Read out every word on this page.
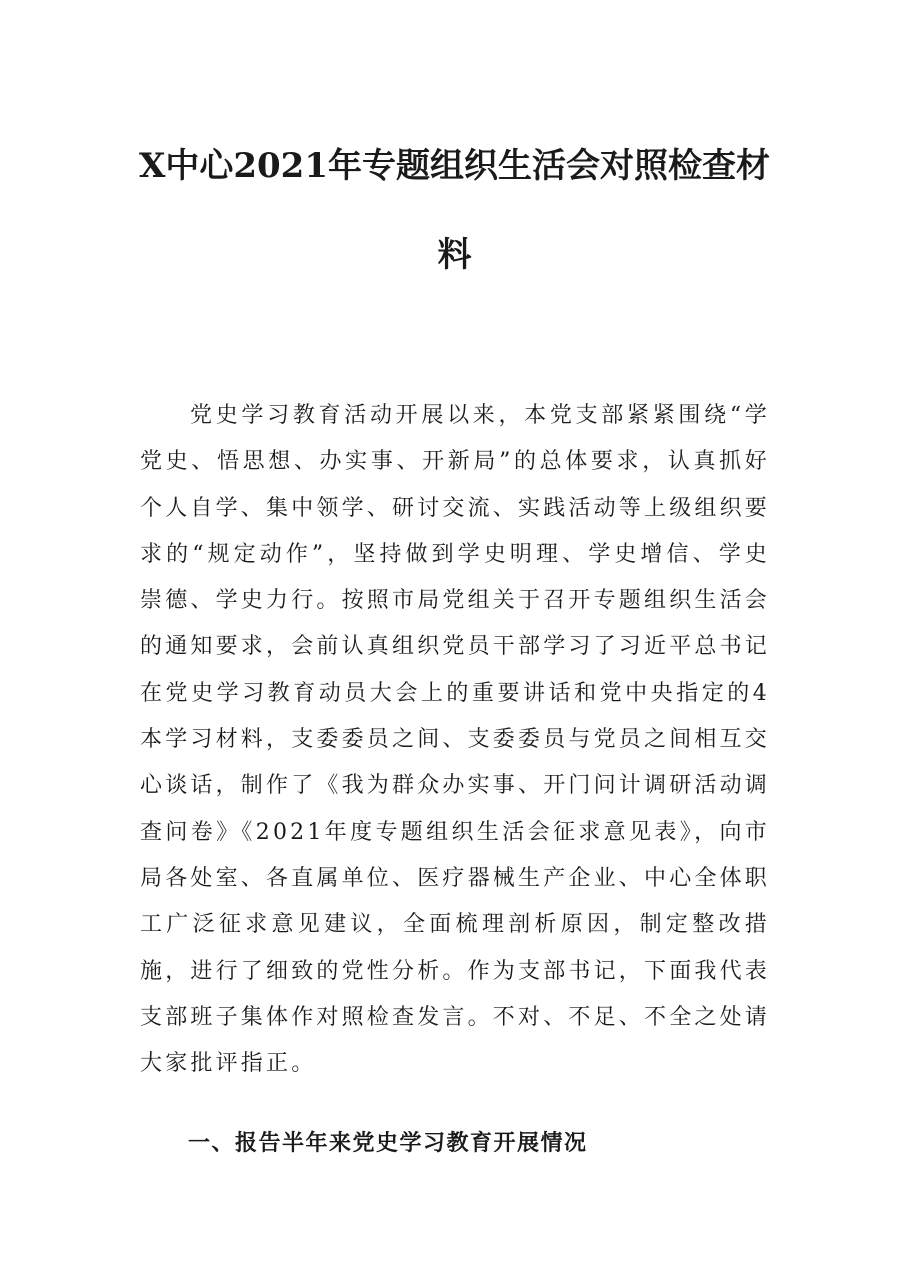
X中心2021年专题组织生活会对照检查材
料

党史学习教育活动开展以来，本党支部紧紧围绕“学党史、悟思想、办实事、开新局”的总体要求，认真抓好个人自学、集中领学、研讨交流、实践活动等上级组织要求的“规定动作”，坚持做到学史明理、学史增信、学史崇德、学史力行。按照市局党组关于召开专题组织生活会的通知要求，会前认真组织党员干部学习了习近平总书记在党史学习教育动员大会上的重要讲话和党中央指定的4本学习材料，支委委员之间、支委委员与党员之间相互交心谈话，制作了《我为群众办实事、开门问计调研活动调查问卷》《2021年度专题组织生活会征求意见表》，向市局各处室、各直属单位、医疗器械生产企业、中心全体职工广泛征求意见建议，全面梳理剖析原因，制定整改措施，进行了细致的党性分析。作为支部书记，下面我代表支部班子集体作对照检查发言。不对、不足、不全之处请大家批评指正。

一、报告半年来党史学习教育开展情况
